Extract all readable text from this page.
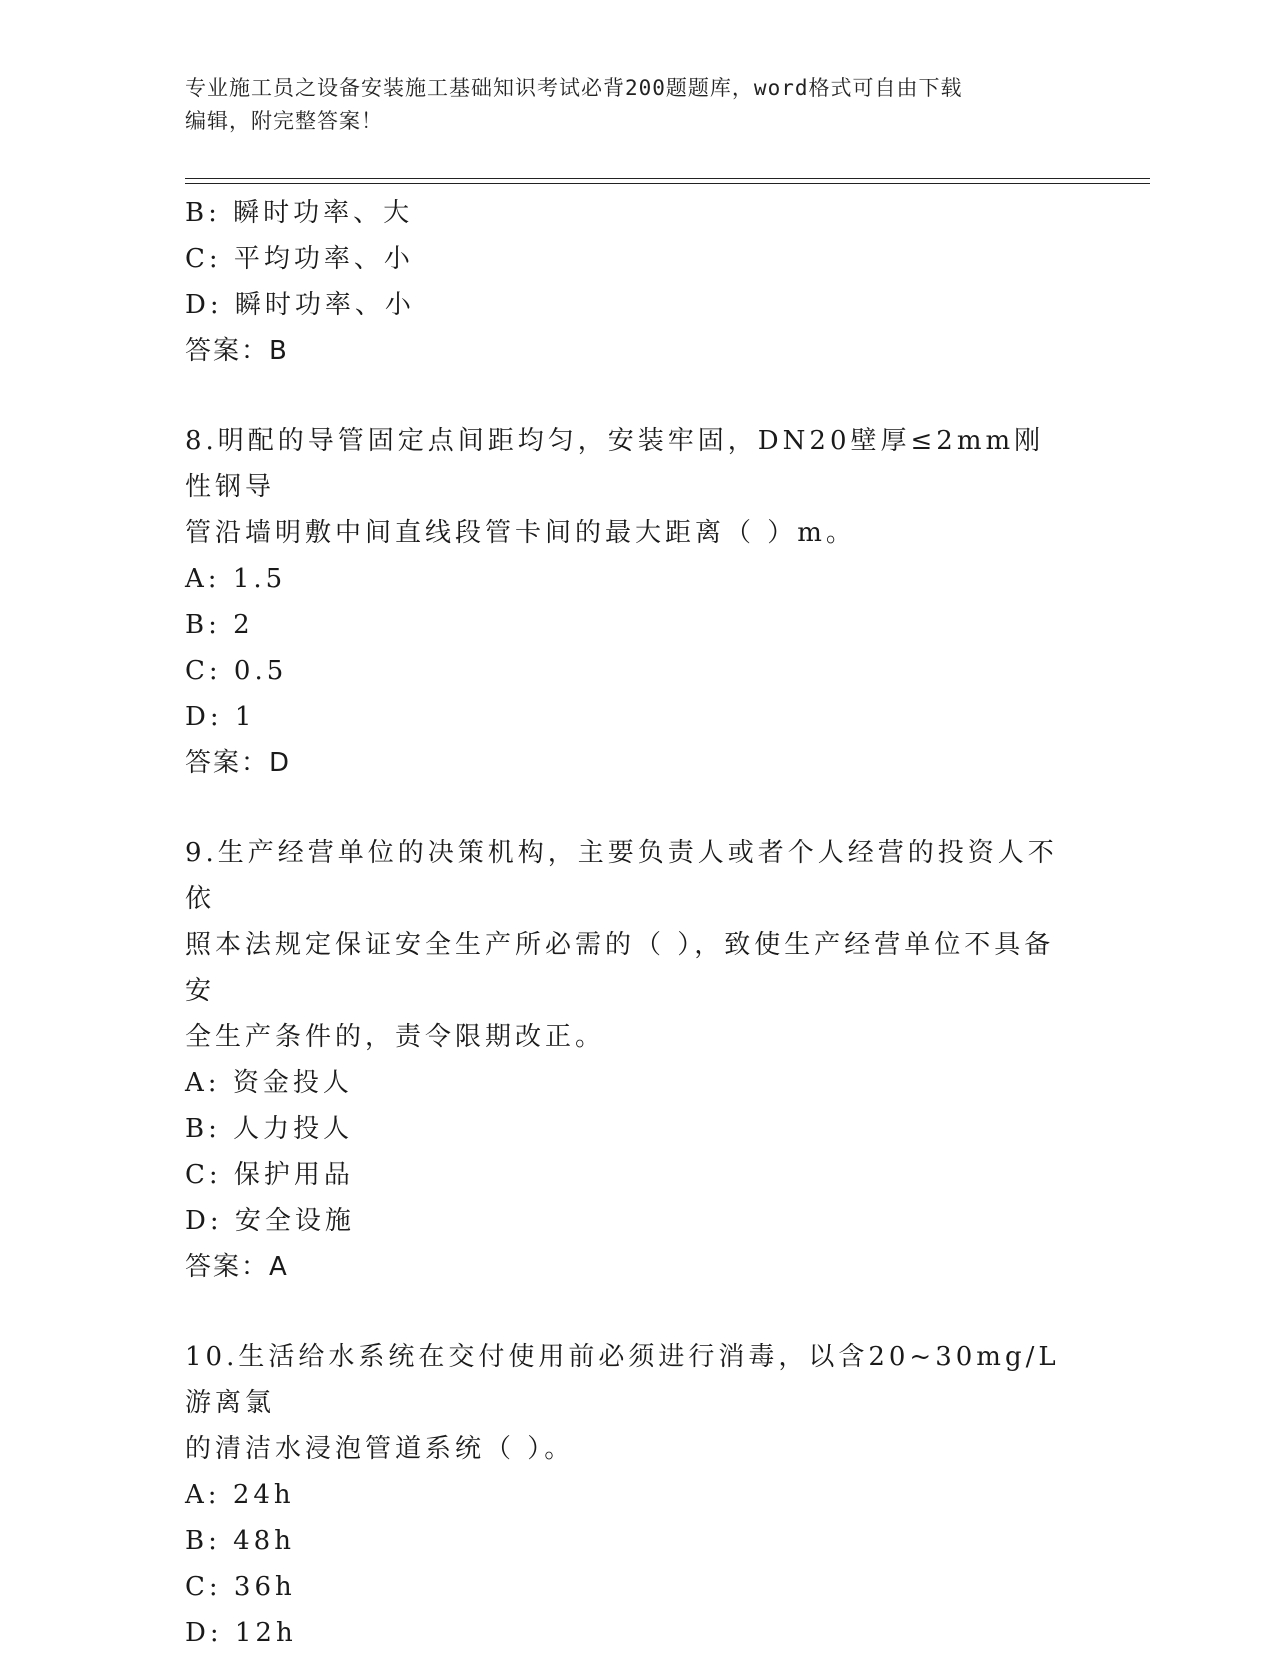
专业施工员之设备安装施工基础知识考试必背200题题库，word格式可自由下载
编辑，附完整答案！
B: 瞬时功率、大
C: 平均功率、小
D: 瞬时功率、小
答案：B
8.明配的导管固定点间距均匀，安装牢固，DN20壁厚≤2mm刚性钢导
管沿墙明敷中间直线段管卡间的最大距离（ ）m。
A: 1.5
B: 2
C: 0.5
D: 1
答案：D
9.生产经营单位的决策机构，主要负责人或者个人经营的投资人不依
照本法规定保证安全生产所必需的（ ），致使生产经营单位不具备安
全生产条件的，责令限期改正。
A: 资金投人
B: 人力投人
C: 保护用品
D: 安全设施
答案：A
10.生活给水系统在交付使用前必须进行消毒，以含20~30mg/L游离氯
的清洁水浸泡管道系统（ ）。
A: 24h
B: 48h
C: 36h
D: 12h
